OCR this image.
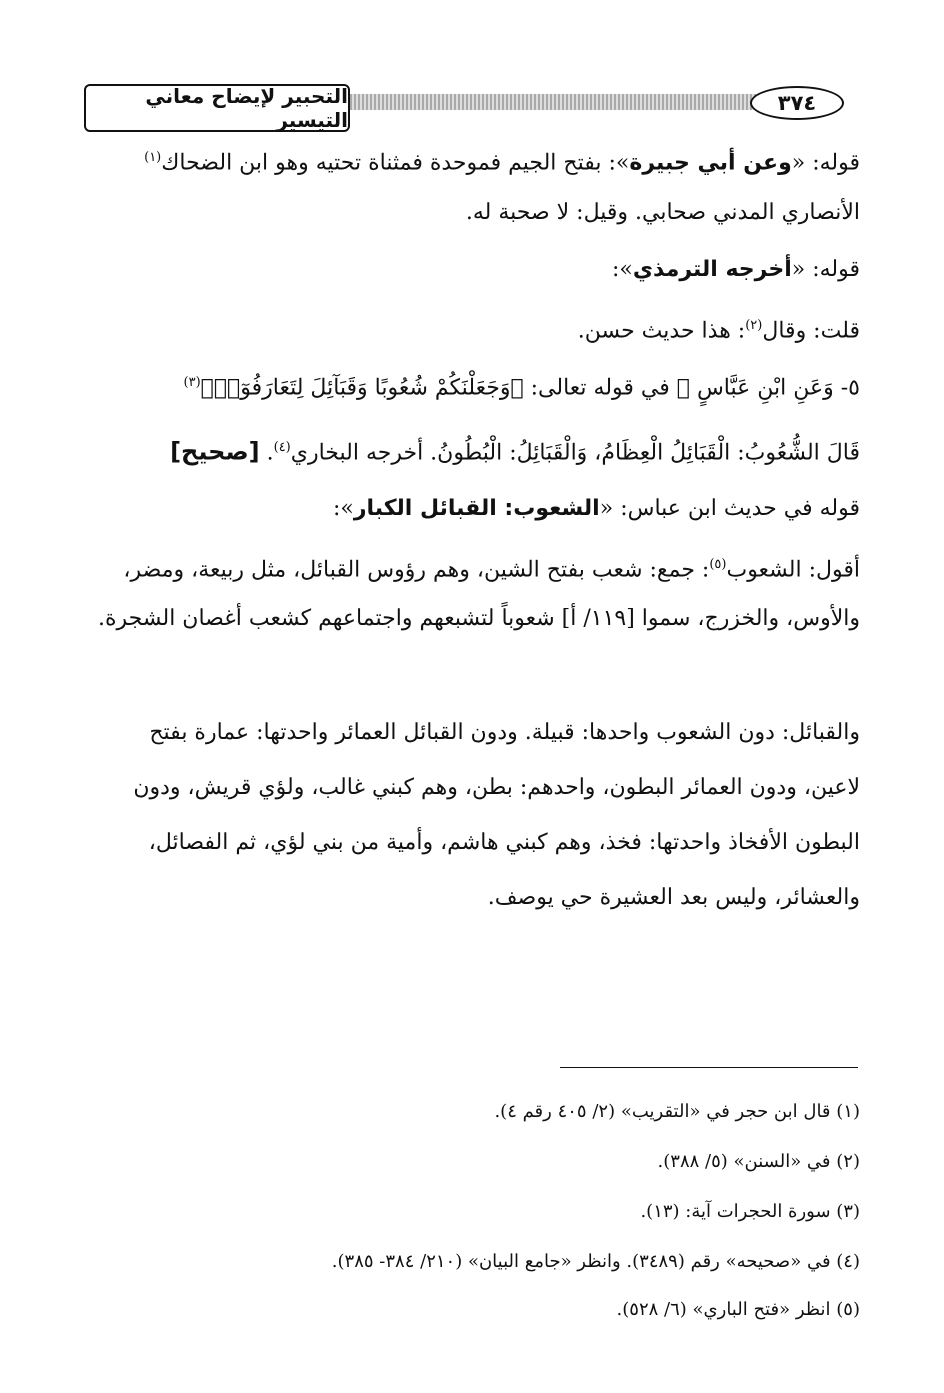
التحبير لإيضاح معاني التيسير
٣٧٤
قوله: «وعن أبي جبيرة»: بفتح الجيم فموحدة فمثناة تحتيه وهو ابن الضحاك$^{(١)}$
الأنصاري المدني صحابي. وقيل: لا صحبة له.
قوله: «أخرجه الترمذي»:
قلت: وقال$^{(٢)}$: هذا حديث حسن.
٥- وَعَنِ ابْنِ عَبَّاسٍ ﷺ في قوله تعالى: ﴿وَجَعَلْنَكُمْ شُعُوبًا وَقَبَآئِلَ لِتَعَارَفُوٓا۟﴾$^{(٣)}$
قَالَ الشُّعُوبُ: الْقَبَائِلُ الْعِظَامُ، وَالْقَبَائِلُ: الْبُطُونُ. أخرجه البخاري$^{(٤)}$. [صحيح]
قوله في حديث ابن عباس: «الشعوب: القبائل الكبار»:
أقول: الشعوب$^{(٥)}$: جمع: شعب بفتح الشين، وهم رؤوس القبائل، مثل ربيعة، ومضر،
والأوس، والخزرج، سموا [١١٩/ أ] شعوباً لتشبعهم واجتماعهم كشعب أغصان الشجرة.
والقبائل: دون الشعوب واحدها: قبيلة. ودون القبائل العمائر واحدتها: عمارة بفتح
لاعين، ودون العمائر البطون، واحدهم: بطن، وهم كبني غالب، ولؤي قريش، ودون
البطون الأفخاذ واحدتها: فخذ، وهم كبني هاشم، وأمية من بني لؤي، ثم الفصائل،
والعشائر، وليس بعد العشيرة حي يوصف.
(١) قال ابن حجر في «التقريب» (٢/ ٤٠٥ رقم ٤).
(٢) في «السنن» (٥/ ٣٨٨).
(٣) سورة الحجرات آية: (١٣).
(٤) في «صحيحه» رقم (٣٤٨٩). وانظر «جامع البيان» (٢١٠/ ٣٨٤- ٣٨٥).
(٥) انظر «فتح الباري» (٦/ ٥٢٨).
